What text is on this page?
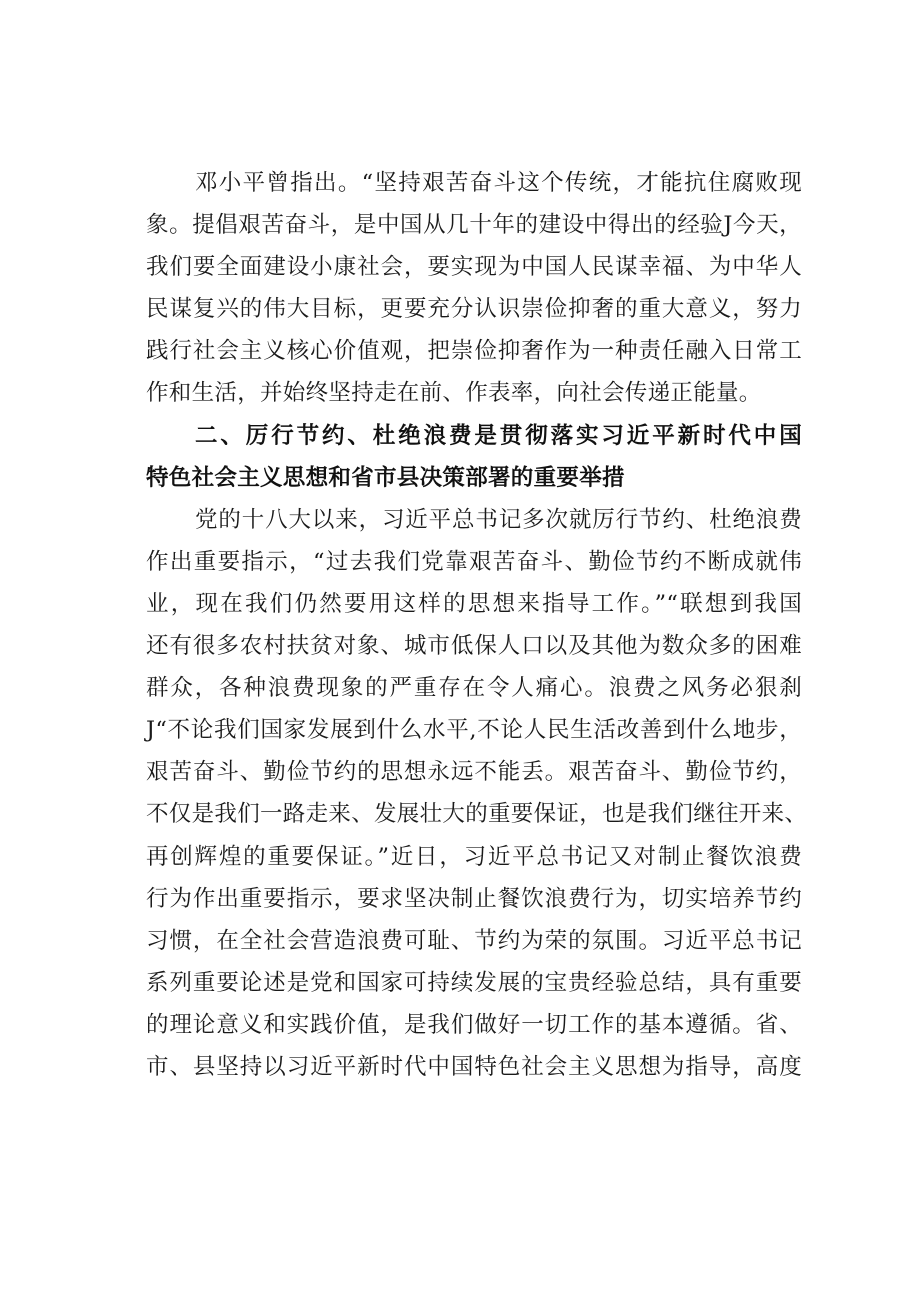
邓小平曾指出。“坚持艰苦奋斗这个传统，才能抗住腐败现
象。提倡艰苦奋斗，是中国从几十年的建设中得出的经验J今天，
我们要全面建设小康社会，要实现为中国人民谋幸福、为中华人
民谋复兴的伟大目标，更要充分认识崇俭抑奢的重大意义，努力
践行社会主义核心价值观，把崇俭抑奢作为一种责任融入日常工
作和生活，并始终坚持走在前、作表率，向社会传递正能量。
二、厉行节约、杜绝浪费是贯彻落实习近平新时代中国
特色社会主义思想和省市县决策部署的重要举措
党的十八大以来，习近平总书记多次就厉行节约、杜绝浪费
作出重要指示，“过去我们党靠艰苦奋斗、勤俭节约不断成就伟
业，现在我们仍然要用这样的思想来指导工作。”“联想到我国
还有很多农村扶贫对象、城市低保人口以及其他为数众多的困难
群众，各种浪费现象的严重存在令人痛心。浪费之风务必狠刹
J“不论我们国家发展到什么水平,不论人民生活改善到什么地步，
艰苦奋斗、勤俭节约的思想永远不能丢。艰苦奋斗、勤俭节约，
不仅是我们一路走来、发展壮大的重要保证，也是我们继往开来、
再创辉煌的重要保证。”近日，习近平总书记又对制止餐饮浪费
行为作出重要指示，要求坚决制止餐饮浪费行为，切实培养节约
习惯，在全社会营造浪费可耻、节约为荣的氛围。习近平总书记
系列重要论述是党和国家可持续发展的宝贵经验总结，具有重要
的理论意义和实践价值，是我们做好一切工作的基本遵循。省、
市、县坚持以习近平新时代中国特色社会主义思想为指导，高度
